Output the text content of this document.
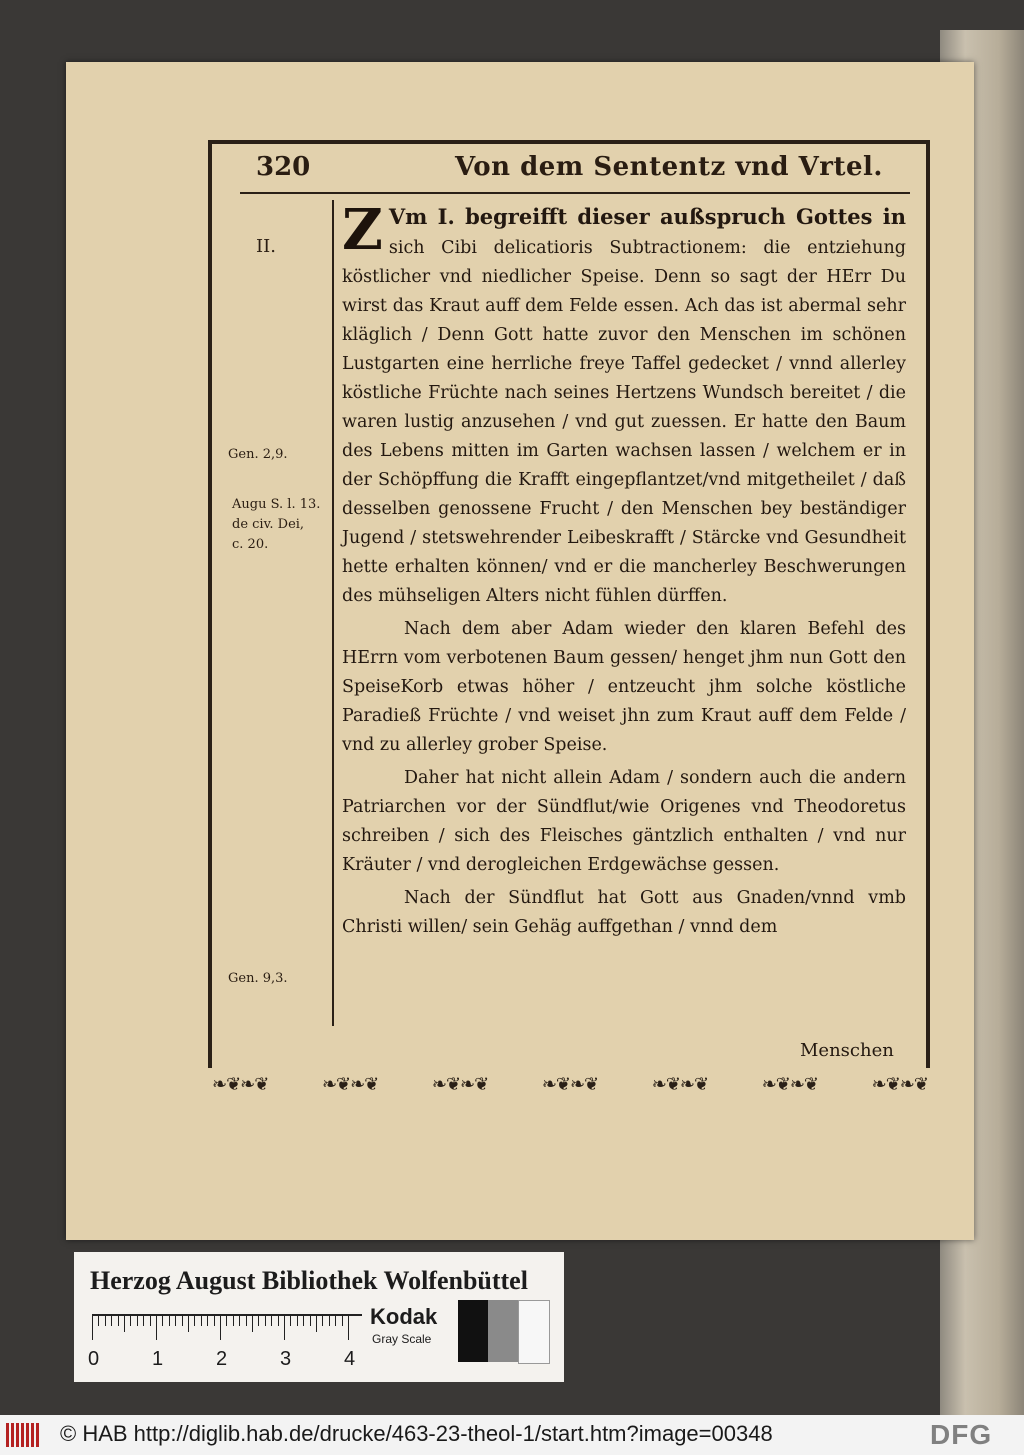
320	Von dem Sententz vnd Vrtel.
II.
Gen. 2,9.
Augu S. l. 13.
de civ. Dei,
c. 20.
Gen. 9,3.

Z Vm I. begreifft dieser außspruch Gottes in sich Cibi delicatioris Subtractionem: die entziehung köstlicher vnd niedlicher Speise. Denn so sagt der HErr Du wirst das Kraut auff dem Felde essen. Ach das ist abermal sehr kläglich / Denn Gott hatte zuvor den Menschen im schönen Lustgarten eine herrliche freye Taffel gedecket / vnnd allerley köstliche Früchte nach seines Hertzens Wundsch bereitet / die waren lustig anzusehen / vnd gut zuessen. Er hatte den Baum des Lebens mitten im Garten wachsen lassen / welchem er in der Schöpffung die Krafft eingepflantzet/vnd mitgetheilet / daß desselben genossene Frucht / den Menschen bey beständiger Jugend / stetswehrender Leibeskrafft / Stärcke vnd Gesundheit hette erhalten können/ vnd er die mancherley Beschwerungen des mühseligen Alters nicht fühlen dürffen.

Nach dem aber Adam wieder den klaren Befehl des HErrn vom verbotenen Baum gessen/ henget jhm nun Gott den SpeiseKorb etwas höher / entzeucht jhm solche köstliche Paradieß Früchte / vnd weiset jhn zum Kraut auff dem Felde / vnd zu allerley grober Speise.

Daher hat nicht allein Adam / sondern auch die andern Patriarchen vor der Sündflut/wie Origenes vnd Theodoretus schreiben / sich des Fleisches gäntzlich enthalten / vnd nur Kräuter / vnd derogleichen Erdgewächse gessen.

Nach der Sündflut hat Gott aus Gnaden/vnnd vmb Christi willen/ sein Gehäg auffgethan / vnnd dem

Menschen
❧❦❧❦	❧❦❧❦	❧❦❧❦	❧❦❧❦	❧❦❧❦	❧❦❧❦	❧❦❧❦
Herzog August Bibliothek Wolfenbüttel
0	1	2	3	4
Kodak
Gray Scale
© HAB http://diglib.hab.de/drucke/463-23-theol-1/start.htm?image=00348	DFG
